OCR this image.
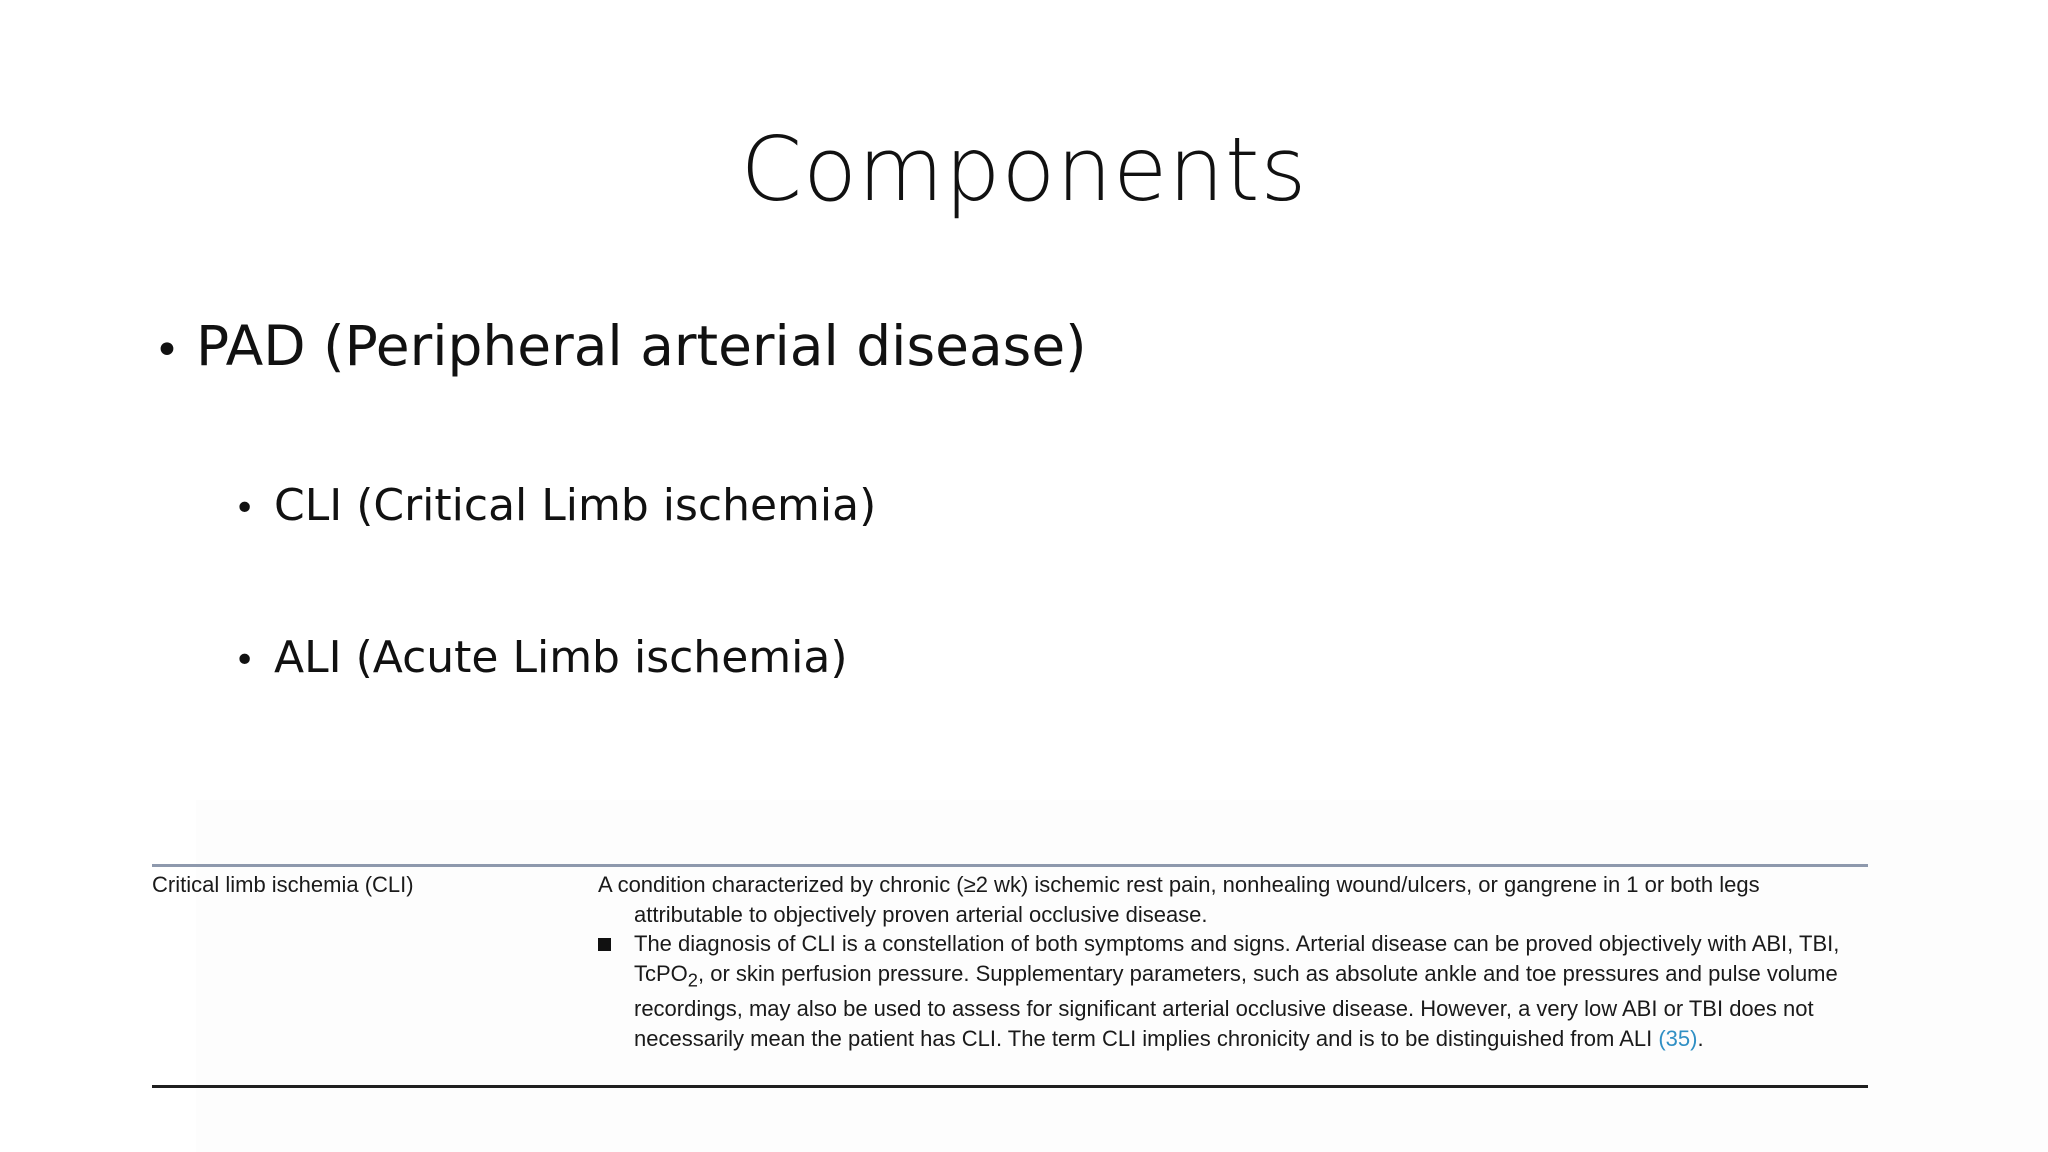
Components
• PAD (Peripheral arterial disease)
• CLI (Critical Limb ischemia)
• ALI (Acute Limb ischemia)
Critical limb ischemia (CLI)	A condition characterized by chronic (≥2 wk) ischemic rest pain, nonhealing wound/ulcers, or gangrene in 1 or both legs attributable to objectively proven arterial occlusive disease.

The diagnosis of CLI is a constellation of both symptoms and signs. Arterial disease can be proved objectively with ABI, TBI, TcPO$_2$, or skin perfusion pressure. Supplementary parameters, such as absolute ankle and toe pressures and pulse volume recordings, may also be used to assess for significant arterial occlusive disease. However, a very low ABI or TBI does not necessarily mean the patient has CLI. The term CLI implies chronicity and is to be distinguished from ALI (35).
